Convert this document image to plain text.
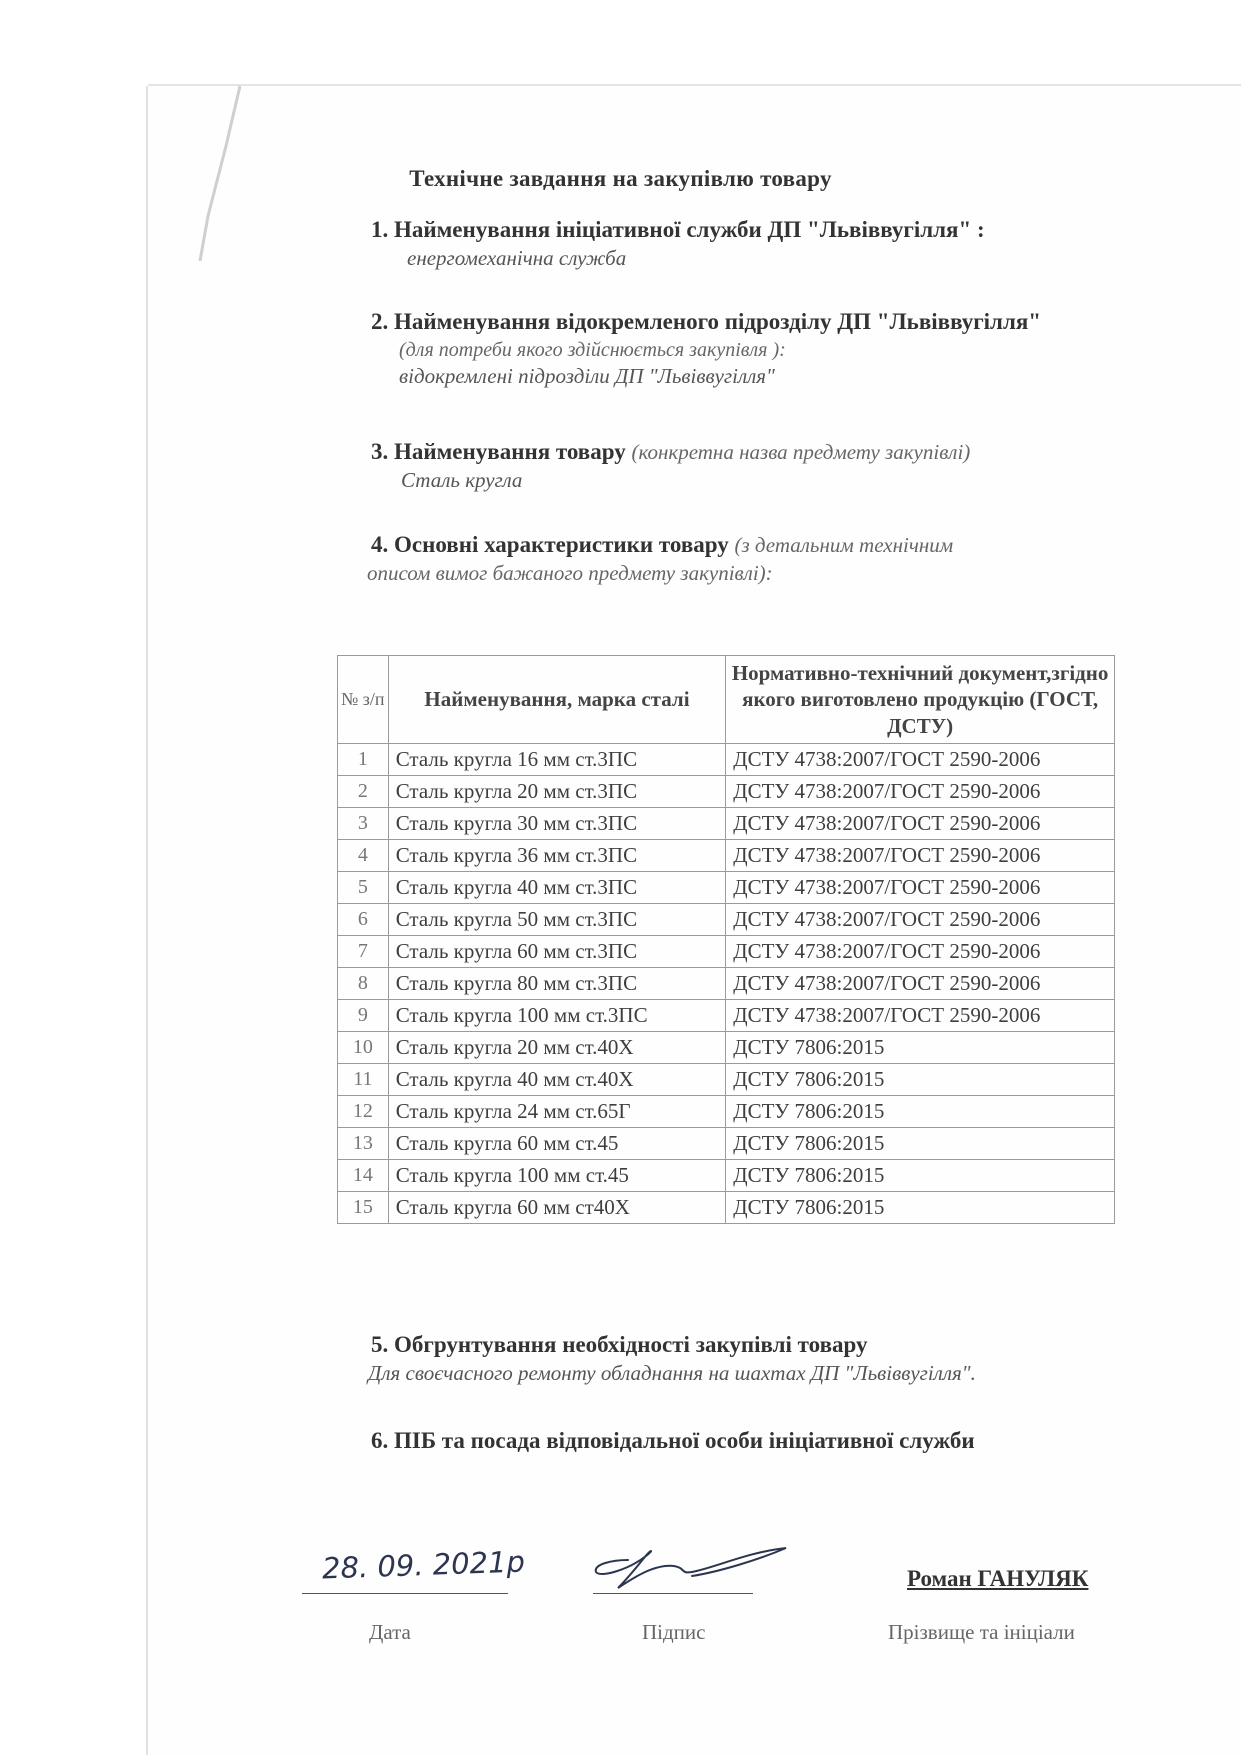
Технічне завдання на закупівлю товару
1. Найменування ініціативної служби ДП "Львіввугілля" :
енергомеханічна служба
2. Найменування відокремленого підрозділу ДП "Львіввугілля"
(для потреби якого здійснюється закупівля ):
відокремлені підрозділи ДП "Львіввугілля"
3. Найменування товару (конкретна назва предмету закупівлі)
Сталь кругла
4. Основні характеристики товару (з детальним технічним
описом вимог бажаного предмету закупівлі):
№ з/п	Найменування, марка сталі	Нормативно-технічний документ,згідно якого виготовлено продукцію (ГОСТ, ДСТУ)
1	Сталь кругла 16 мм ст.3ПС	ДСТУ 4738:2007/ГОСТ 2590-2006
2	Сталь кругла 20 мм ст.3ПС	ДСТУ 4738:2007/ГОСТ 2590-2006
3	Сталь кругла 30 мм ст.3ПС	ДСТУ 4738:2007/ГОСТ 2590-2006
4	Сталь кругла 36 мм ст.3ПС	ДСТУ 4738:2007/ГОСТ 2590-2006
5	Сталь кругла 40 мм ст.3ПС	ДСТУ 4738:2007/ГОСТ 2590-2006
6	Сталь кругла 50 мм ст.3ПС	ДСТУ 4738:2007/ГОСТ 2590-2006
7	Сталь кругла 60 мм ст.3ПС	ДСТУ 4738:2007/ГОСТ 2590-2006
8	Сталь кругла 80 мм ст.3ПС	ДСТУ 4738:2007/ГОСТ 2590-2006
9	Сталь кругла 100 мм ст.3ПС	ДСТУ 4738:2007/ГОСТ 2590-2006
10	Сталь кругла 20 мм ст.40Х	ДСТУ 7806:2015
11	Сталь кругла 40 мм ст.40Х	ДСТУ 7806:2015
12	Сталь кругла 24 мм ст.65Г	ДСТУ 7806:2015
13	Сталь кругла 60 мм ст.45	ДСТУ 7806:2015
14	Сталь кругла 100 мм ст.45	ДСТУ 7806:2015
15	Сталь кругла 60 мм ст40Х	ДСТУ 7806:2015
5. Обгрунтування необхідності закупівлі товару
Для своєчасного ремонту обладнання на шахтах ДП "Львіввугілля".
6. ПІБ та посада відповідальної особи ініціативної служби
28. 09. 2021р	Роман ГАНУЛЯК
Дата	Підпис	Прізвище та ініціали
